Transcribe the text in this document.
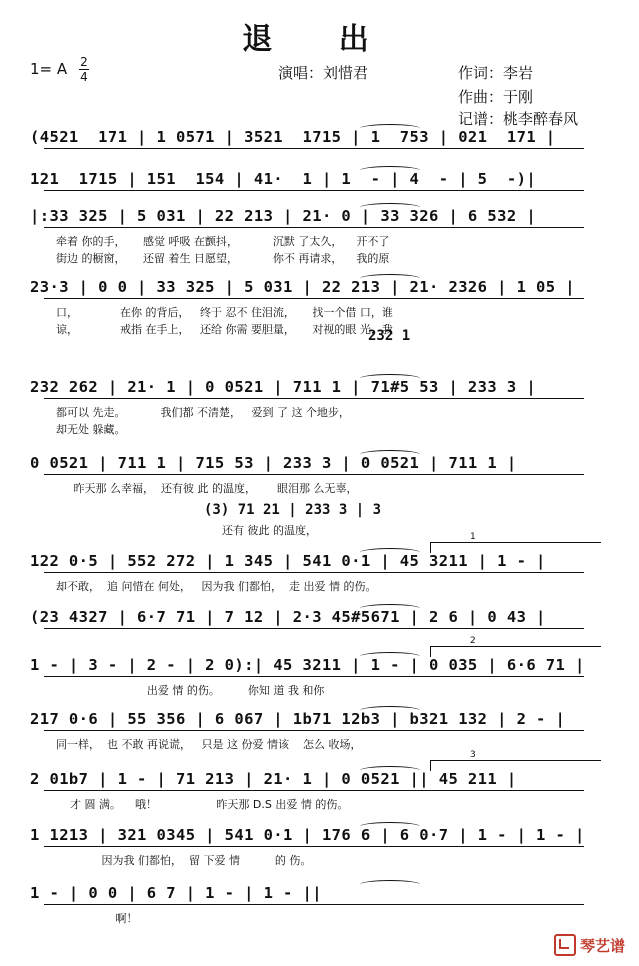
退 出
1= A 2
4	演唱：刘惜君	作词：李岩
作曲：于刚
记谱：桃李醉春风
(4521  171 | 1 0571 | 3521  1715 | 1  753 | 021  171 |
121  1715 | 151  154 | 41·  1 | 1  - | 4  - | 5  -)|
|:33 325 | 5 031 | 22 213 | 21· 0 | 33 326 | 6 532 |
牵着 你的手，     感觉 呼吸 在颤抖，          沉默 了太久，    开不了
街边 的橱窗，     还留 着生 日愿望，          你不 再请求，    我的原
23·3 | 0 0 | 33 325 | 5 031 | 22 213 | 21· 2326 | 1 05 |
232 1
口，            在你 的背后，   终于 忍不 住泪流，     找一个借 口，谁
谅，            戒指 在手上，   还给 你需 要胆量，     对视的眼 光，我
232 262 | 21· 1 | 0 0521 | 711 1 | 71#5 53 | 233 3 |
都可以 先走。          我们都 不清楚，   爱到 了 这 个地步，
却无处 躲藏。
0 0521 | 711 1 | 715 53 | 233 3 | 0 0521 | 711 1 |
(3) 71 21 | 233 3 | 3
还有 彼此 的温度，
昨天那 么幸福，  还有彼 此 的温度，      眼泪那 么无辜，
122 0·5 | 552 272 | 1 345 | 541 0·1 | 45 3211 | 1 - |
1
却不敢，  追 问惜在 何处，   因为我 们都怕，  走 出爱 情 的伤。
(23 4327 | 6·7 71 | 7 12 | 2·3 45#5671 | 2 6 | 0 43 |
1 - | 3 - | 2 - | 2 0):| 45 3211 | 1 - | 0 035 | 6·6 71 |
2
出爱 情 的伤。        你知 道 我 和你
217 0·6 | 55 356 | 6 067 | 1b71 12b3 | b321 132 | 2 - |
同一样，  也 不敢 再说谎，   只是 这 份爱 情该    怎么 收场，
2 01b7 | 1 - | 71 213 | 21· 1 | 0 0521 || 45 211 |
3
才 圆 满。    哦！                 昨天那 D.S 出爱 情 的伤。
1 1213 | 321 0345 | 541 0·1 | 176 6 | 6 0·7 | 1 - | 1 - |
因为我 们都怕，  留 下爱 情          的 伤。
1 - | 0 0 | 6 7 | 1 - | 1 - ||
啊！
琴艺谱
